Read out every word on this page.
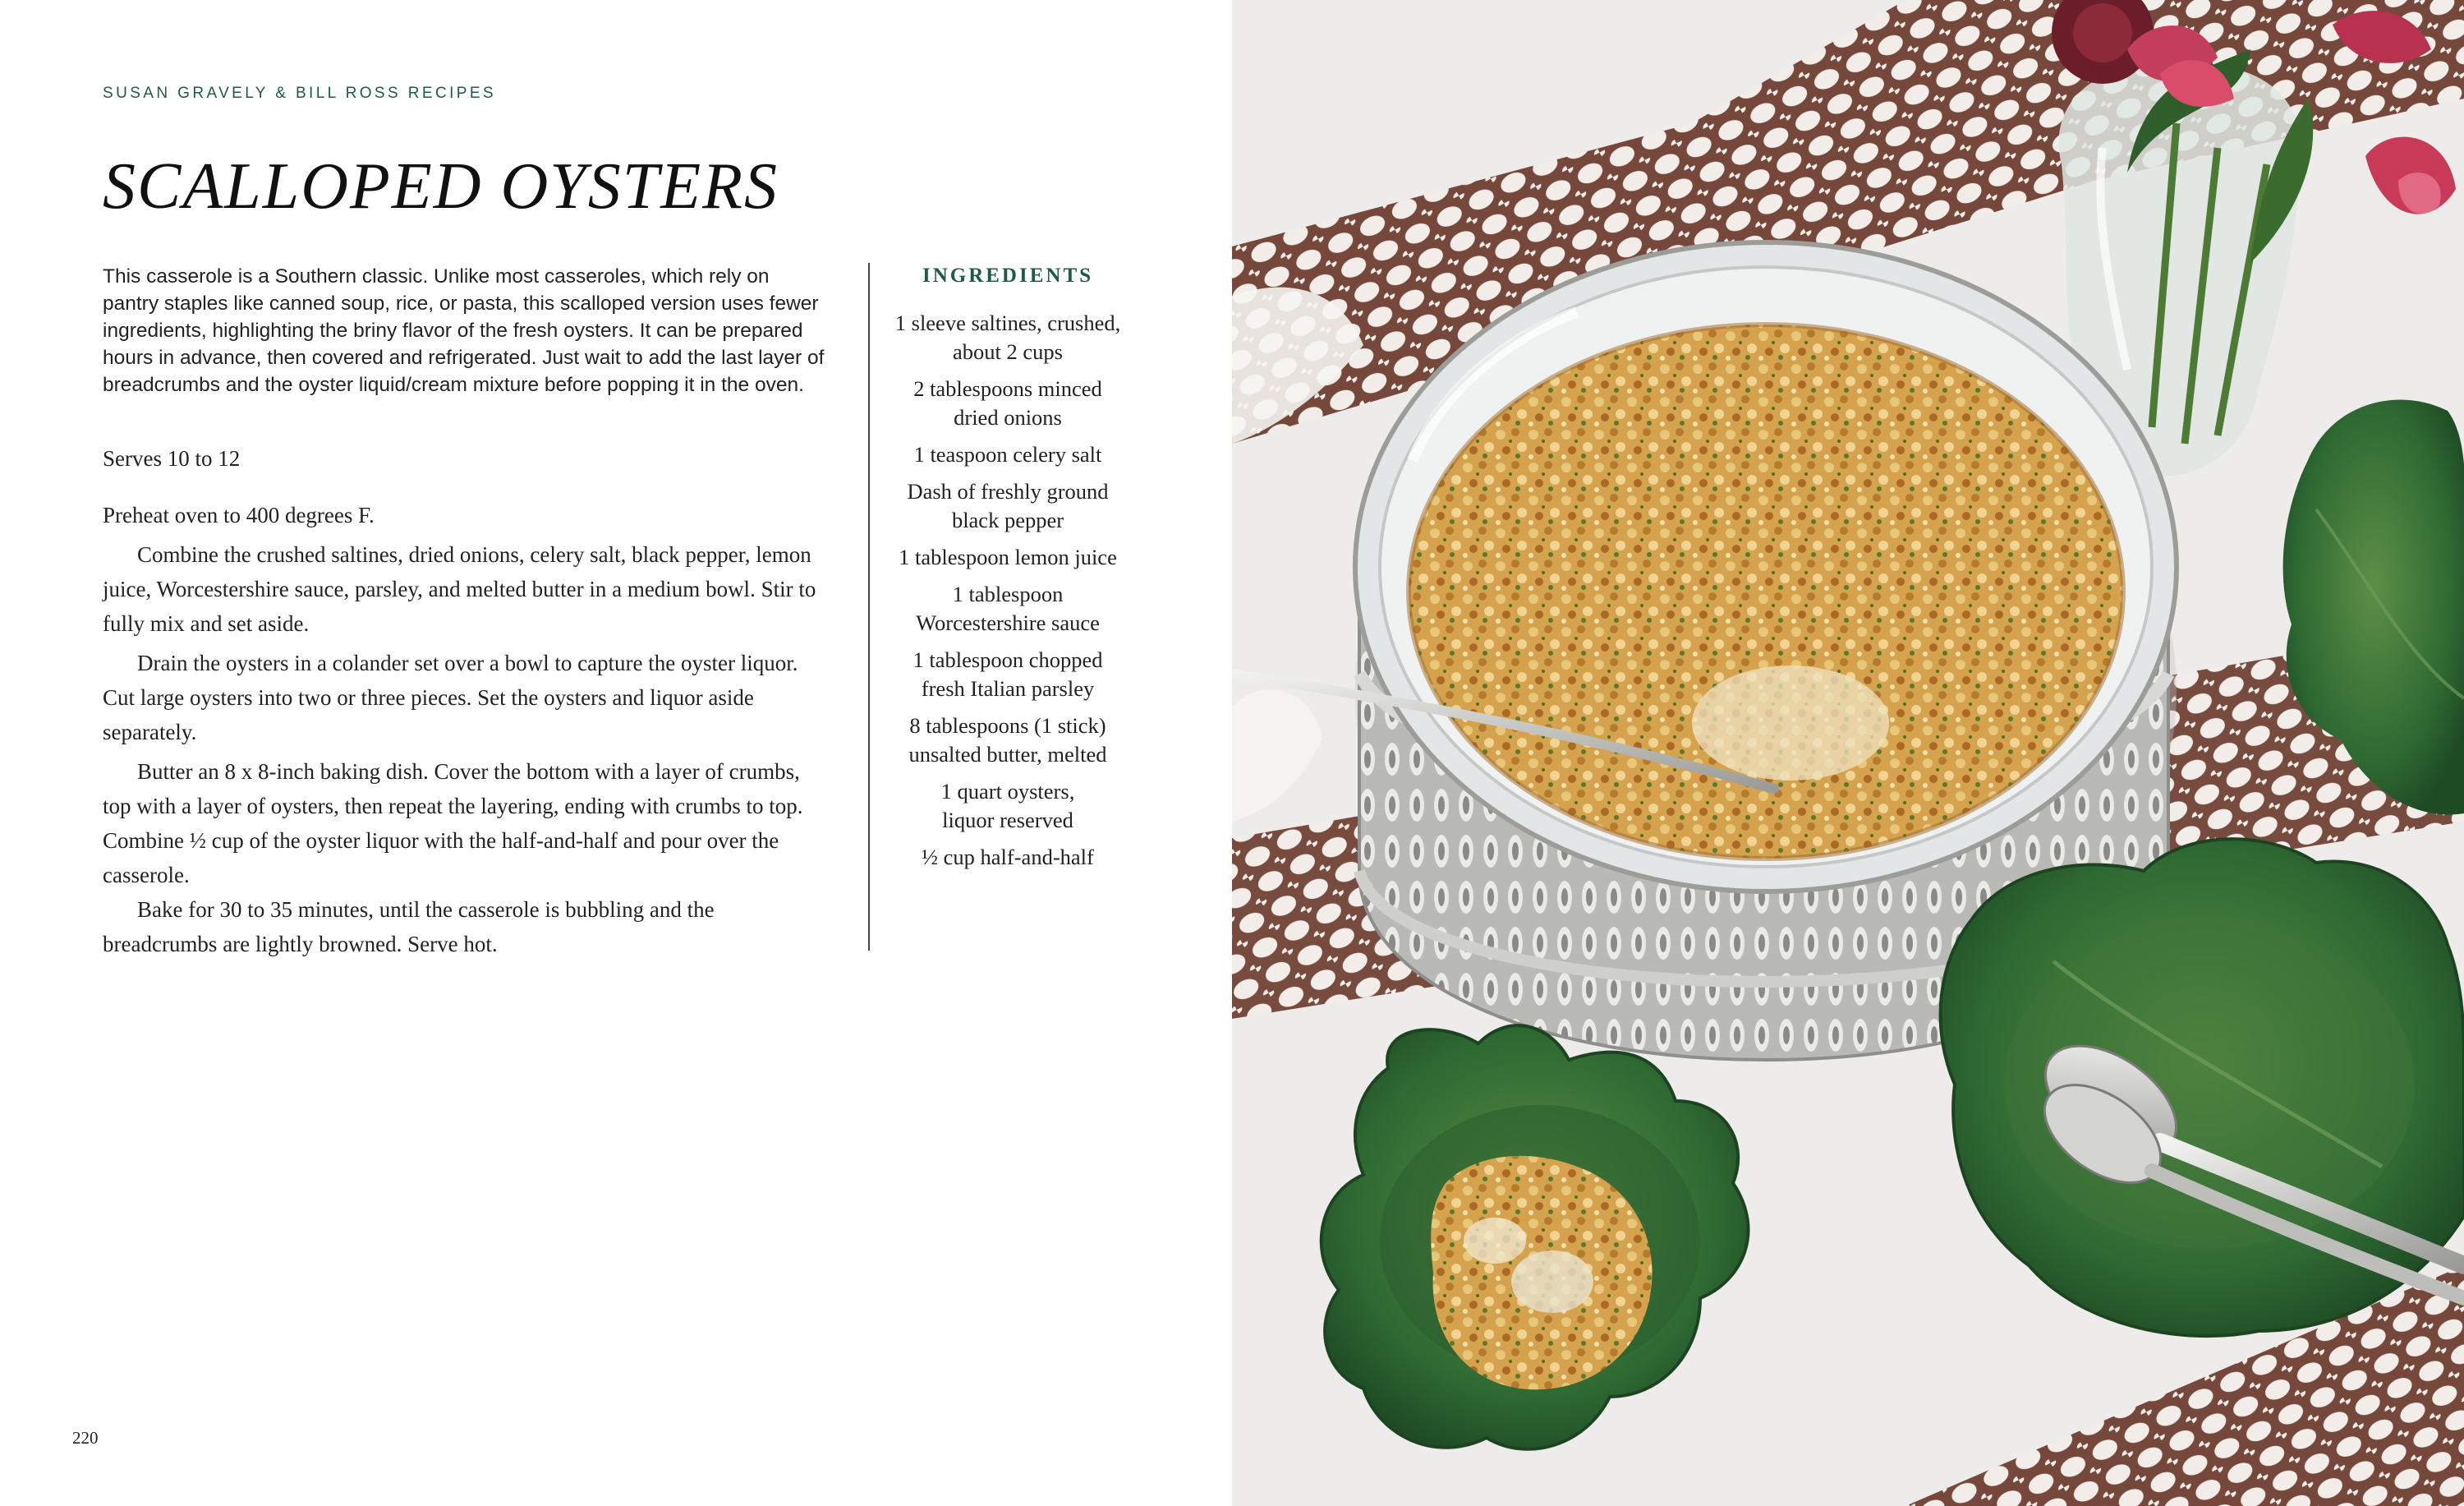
SUSAN GRAVELY & BILL ROSS RECIPES
SCALLOPED OYSTERS

This casserole is a Southern classic. Unlike most casseroles, which rely on pantry staples like canned soup, rice, or pasta, this scalloped version uses fewer ingredients, highlighting the briny flavor of the fresh oysters. It can be prepared hours in advance, then covered and refrigerated. Just wait to add the last layer of breadcrumbs and the oyster liquid/cream mixture before popping it in the oven.

Serves 10 to 12

Preheat oven to 400 degrees F.

Combine the crushed saltines, dried onions, celery salt, black pepper, lemon juice, Worcestershire sauce, parsley, and melted butter in a medium bowl. Stir to fully mix and set aside.

Drain the oysters in a colander set over a bowl to capture the oyster liquor. Cut large oysters into two or three pieces. Set the oysters and liquor aside separately.

Butter an 8 x 8-inch baking dish. Cover the bottom with a layer of crumbs, top with a layer of oysters, then repeat the layering, ending with crumbs to top. Combine ½ cup of the oyster liquor with the half-and-half and pour over the casserole.

Bake for 30 to 35 minutes, until the casserole is bubbling and the breadcrumbs are lightly browned. Serve hot.

INGREDIENTS
1 sleeve saltines, crushed,
about 2 cups
2 tablespoons minced
dried onions
1 teaspoon celery salt
Dash of freshly ground
black pepper
1 tablespoon lemon juice
1 tablespoon
Worcestershire sauce
1 tablespoon chopped
fresh Italian parsley
8 tablespoons (1 stick)
unsalted butter, melted
1 quart oysters,
liquor reserved
½ cup half-and-half
220
